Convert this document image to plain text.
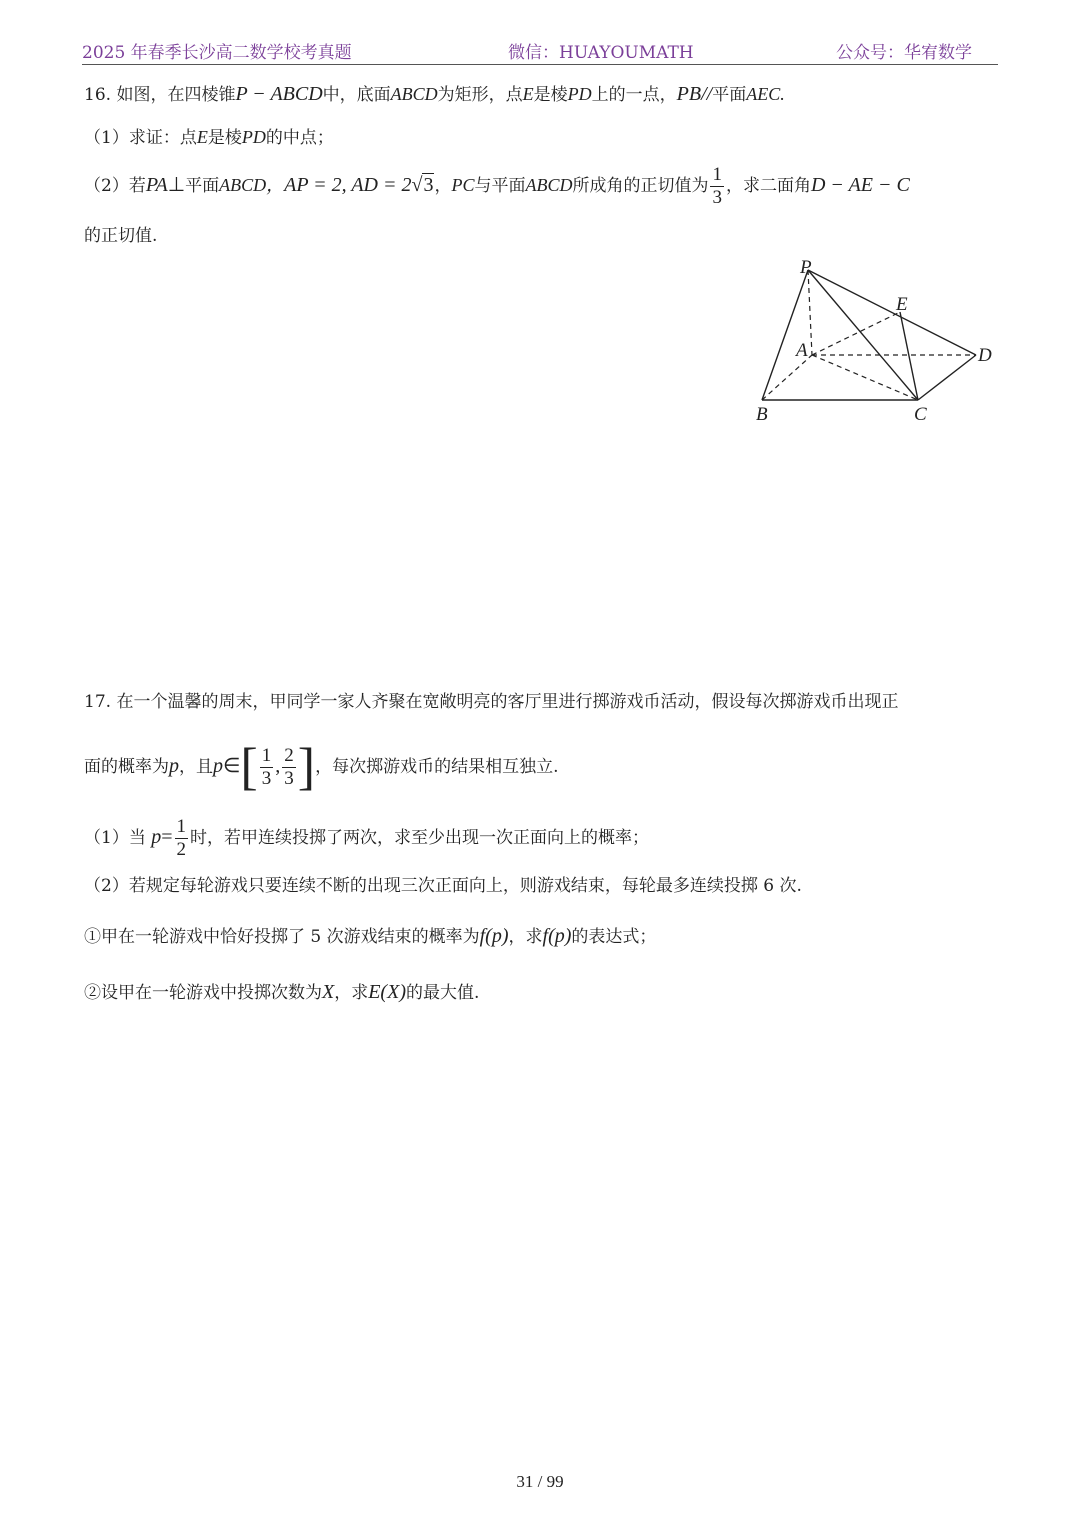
2025 年春季长沙高二数学校考真题	微信：HUAYOUMATH	公众号：华宥数学
16. 如图，在四棱锥P − ABCD中，底面ABCD为矩形，点E是棱PD上的一点，PB//平面AEC.
（1）求证：点E是棱PD的中点；
（2）若PA⊥平面ABCD，AP = 2, AD = 2√3，PC与平面ABCD所成角的正切值为 $\frac{1}{3}$ ，求二面角D − AE − C
的正切值.
P
E
A	D
B	C
17. 在一个温馨的周末，甲同学一家人齐聚在宽敞明亮的客厅里进行掷游戏币活动，假设每次掷游戏币出现正
面的概率为p，且p∈[ $\frac{1}{3}$ , $\frac{2}{3}$ ]，每次掷游戏币的结果相互独立.
（1）当 $p= \frac{1}{2}$ 时，若甲连续投掷了两次，求至少出现一次正面向上的概率；
（2）若规定每轮游戏只要连续不断的出现三次正面向上，则游戏结束，每轮最多连续投掷 6 次.
①甲在一轮游戏中恰好投掷了 5 次游戏结束的概率为f(p)，求f(p)的表达式；
②设甲在一轮游戏中投掷次数为X，求E(X)的最大值.
31 / 99
